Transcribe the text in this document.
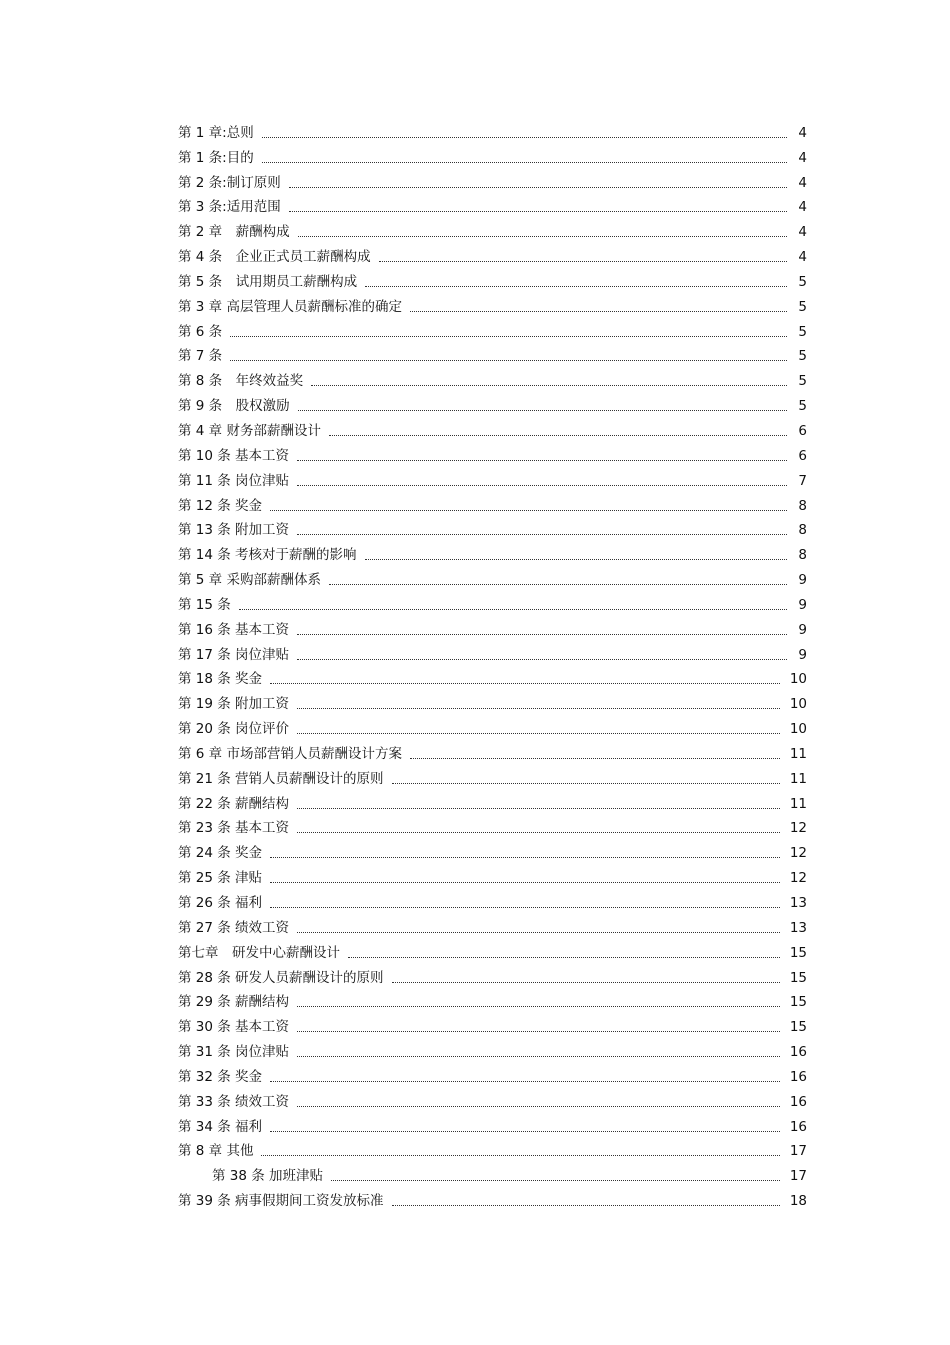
第 1 章:总则	4
第 1 条:目的	4
第 2 条:制订原则	4
第 3 条:适用范围	4
第 2 章　薪酬构成	4
第 4 条　企业正式员工薪酬构成	4
第 5 条　试用期员工薪酬构成	5
第 3 章 高层管理人员薪酬标准的确定	5
第 6 条	5
第 7 条	5
第 8 条　年终效益奖	5
第 9 条　股权激励	5
第 4 章 财务部薪酬设计	6
第 10 条 基本工资	6
第 11 条 岗位津贴	7
第 12 条 奖金	8
第 13 条 附加工资	8
第 14 条 考核对于薪酬的影响	8
第 5 章 采购部薪酬体系	9
第 15 条	9
第 16 条 基本工资	9
第 17 条 岗位津贴	9
第 18 条 奖金	10
第 19 条 附加工资	10
第 20 条 岗位评价	10
第 6 章 市场部营销人员薪酬设计方案	11
第 21 条 营销人员薪酬设计的原则	11
第 22 条 薪酬结构	11
第 23 条 基本工资	12
第 24 条 奖金	12
第 25 条 津贴	12
第 26 条 福利	13
第 27 条 绩效工资	13
第七章　研发中心薪酬设计	15
第 28 条 研发人员薪酬设计的原则	15
第 29 条 薪酬结构	15
第 30 条 基本工资	15
第 31 条 岗位津贴	16
第 32 条 奖金	16
第 33 条 绩效工资	16
第 34 条 福利	16
第 8 章 其他	17
第 38 条 加班津贴	17
第 39 条 病事假期间工资发放标准	18
